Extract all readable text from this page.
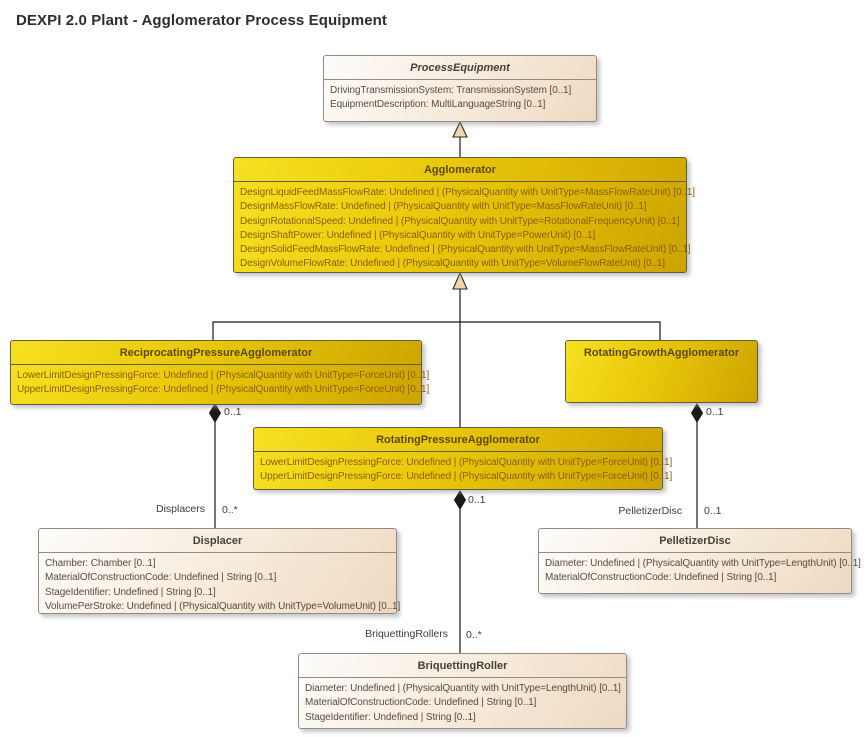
DEXPI 2.0 Plant - Agglomerator Process Equipment
ProcessEquipment
DrivingTransmissionSystem: TransmissionSystem [0..1]
EquipmentDescription: MultiLanguageString [0..1]
Agglomerator
DesignLiquidFeedMassFlowRate: Undefined | (PhysicalQuantity with UnitType=MassFlowRateUnit) [0..1]
DesignMassFlowRate: Undefined | (PhysicalQuantity with UnitType=MassFlowRateUnit) [0..1]
DesignRotationalSpeed: Undefined | (PhysicalQuantity with UnitType=RotationalFrequencyUnit) [0..1]
DesignShaftPower: Undefined | (PhysicalQuantity with UnitType=PowerUnit) [0..1]
DesignSolidFeedMassFlowRate: Undefined | (PhysicalQuantity with UnitType=MassFlowRateUnit) [0..1]
DesignVolumeFlowRate: Undefined | (PhysicalQuantity with UnitType=VolumeFlowRateUnit) [0..1]
ReciprocatingPressureAgglomerator
LowerLimitDesignPressingForce: Undefined | (PhysicalQuantity with UnitType=ForceUnit) [0..1]
UpperLimitDesignPressingForce: Undefined | (PhysicalQuantity with UnitType=ForceUnit) [0..1]
RotatingGrowthAgglomerator
RotatingPressureAgglomerator
LowerLimitDesignPressingForce: Undefined | (PhysicalQuantity with UnitType=ForceUnit) [0..1]
UpperLimitDesignPressingForce: Undefined | (PhysicalQuantity with UnitType=ForceUnit) [0..1]
Displacer
Chamber: Chamber [0..1]
MaterialOfConstructionCode: Undefined | String [0..1]
StageIdentifier: Undefined | String [0..1]
VolumePerStroke: Undefined | (PhysicalQuantity with UnitType=VolumeUnit) [0..1]
PelletizerDisc
Diameter: Undefined | (PhysicalQuantity with UnitType=LengthUnit) [0..1]
MaterialOfConstructionCode: Undefined | String [0..1]
BriquettingRoller
Diameter: Undefined | (PhysicalQuantity with UnitType=LengthUnit) [0..1]
MaterialOfConstructionCode: Undefined | String [0..1]
StageIdentifier: Undefined | String [0..1]
0..1
Displacers 0..*
0..1
BriquettingRollers 0..*
0..1
PelletizerDisc 0..1
